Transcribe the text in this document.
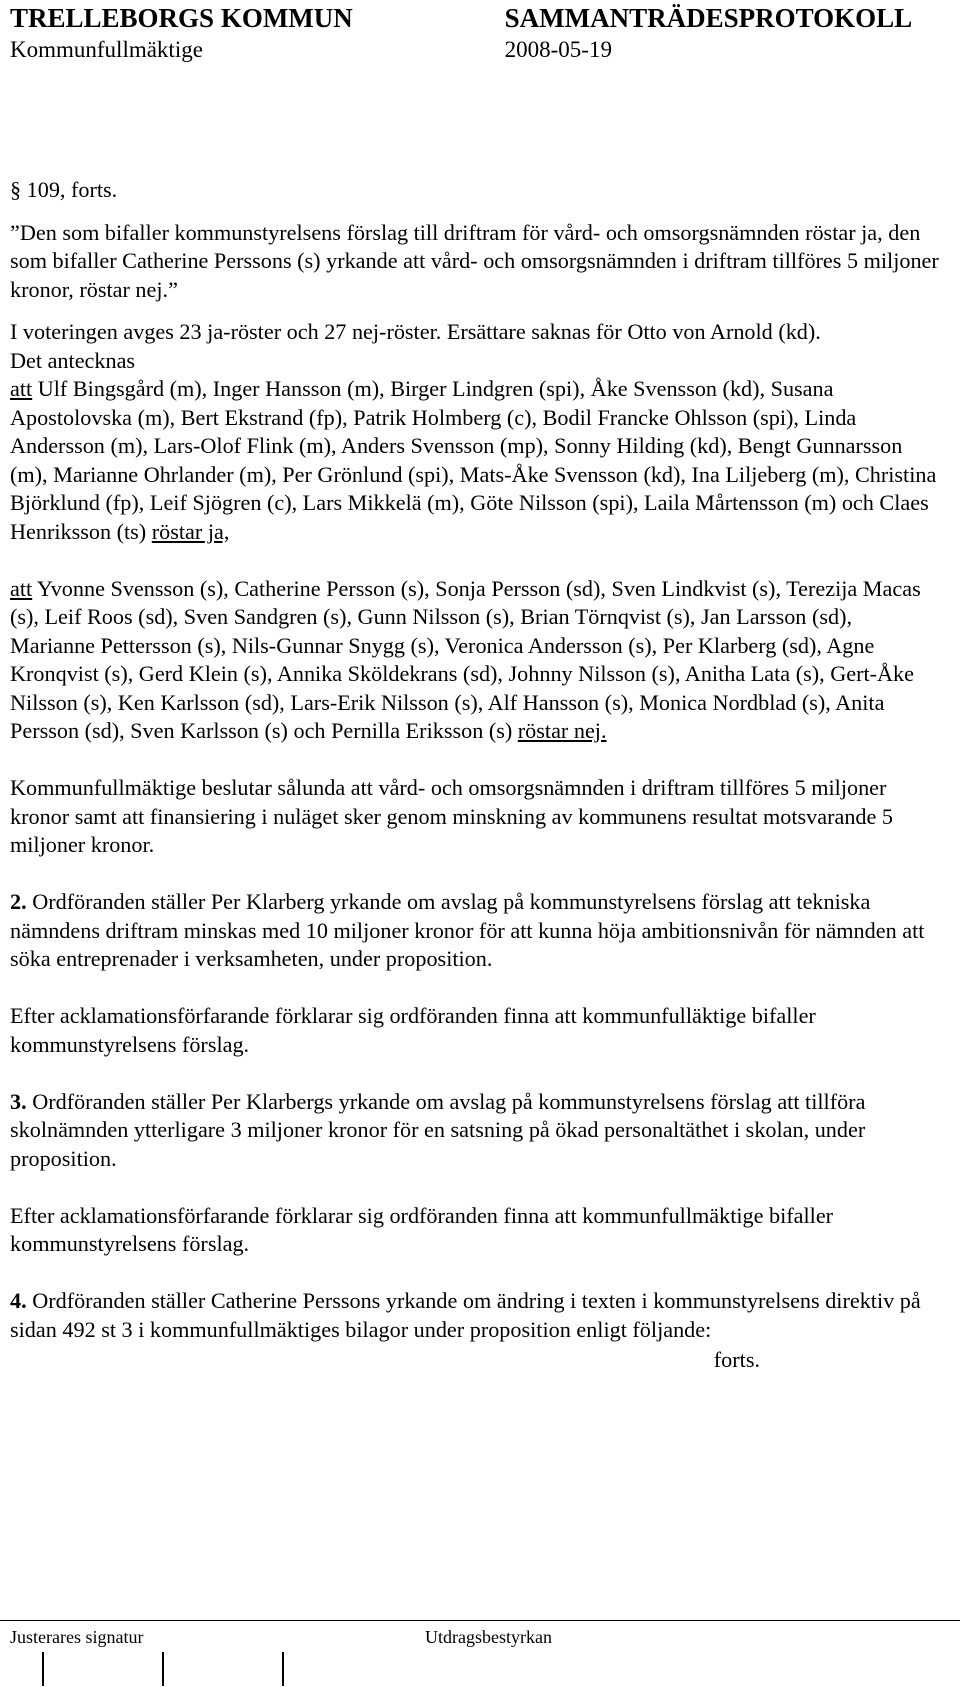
TRELLEBORGS KOMMUN	SAMMANTRÄDESPROTOKOLL
Kommunfullmäktige	2008-05-19

§ 109, forts.

”Den som bifaller kommunstyrelsens förslag till driftram för vård- och omsorgsnämnden röstar ja, den som bifaller Catherine Perssons (s) yrkande att vård- och omsorgsnämnden i driftram tillföres 5 miljoner kronor, röstar nej.”

I voteringen avges 23 ja-röster och 27 nej-röster. Ersättare saknas för Otto von Arnold (kd).

Det antecknas

att Ulf Bingsgård (m), Inger Hansson (m), Birger Lindgren (spi), Åke Svensson (kd), Susana Apostolovska (m), Bert Ekstrand (fp), Patrik Holmberg (c), Bodil Francke Ohlsson (spi), Linda Andersson (m), Lars-Olof Flink (m), Anders Svensson (mp), Sonny Hilding (kd), Bengt Gunnarsson (m), Marianne Ohrlander (m), Per Grönlund (spi), Mats-Åke Svensson (kd), Ina Liljeberg (m), Christina Björklund (fp), Leif Sjögren (c), Lars Mikkelä (m), Göte Nilsson (spi), Laila Mårtensson (m) och Claes Henriksson (ts) röstar ja,

att Yvonne Svensson (s), Catherine Persson (s), Sonja Persson (sd), Sven Lindkvist (s), Terezija Macas (s), Leif Roos (sd), Sven Sandgren (s), Gunn Nilsson (s), Brian Törnqvist (s), Jan Larsson (sd), Marianne Pettersson (s), Nils-Gunnar Snygg (s), Veronica Andersson (s), Per Klarberg (sd), Agne Kronqvist (s), Gerd Klein (s), Annika Sköldekrans (sd), Johnny Nilsson (s), Anitha Lata (s), Gert-Åke Nilsson (s), Ken Karlsson (sd), Lars-Erik Nilsson (s), Alf Hansson (s), Monica Nordblad (s), Anita Persson (sd), Sven Karlsson (s) och Pernilla Eriksson (s) röstar nej.

Kommunfullmäktige beslutar sålunda att vård- och omsorgsnämnden i driftram tillföres 5 miljoner kronor samt att finansiering i nuläget sker genom minskning av kommunens resultat motsvarande 5 miljoner kronor.

2. Ordföranden ställer Per Klarberg yrkande om avslag på kommunstyrelsens förslag att tekniska nämndens driftram minskas med 10 miljoner kronor för att kunna höja ambitionsnivån för nämnden att söka entreprenader i verksamheten, under proposition.

Efter acklamationsförfarande förklarar sig ordföranden finna att kommunfulläktige bifaller kommunstyrelsens förslag.

3. Ordföranden ställer Per Klarbergs yrkande om avslag på kommunstyrelsens förslag att tillföra skolnämnden ytterligare 3 miljoner kronor för en satsning på ökad personaltäthet i skolan, under proposition.

Efter acklamationsförfarande förklarar sig ordföranden finna att kommunfullmäktige bifaller kommunstyrelsens förslag.

4. Ordföranden ställer Catherine Perssons yrkande om ändring i texten i kommunstyrelsens direktiv på sidan 492 st 3 i kommunfullmäktiges bilagor under proposition enligt följande:

forts.

Justerares signatur	Utdragsbestyrkan
